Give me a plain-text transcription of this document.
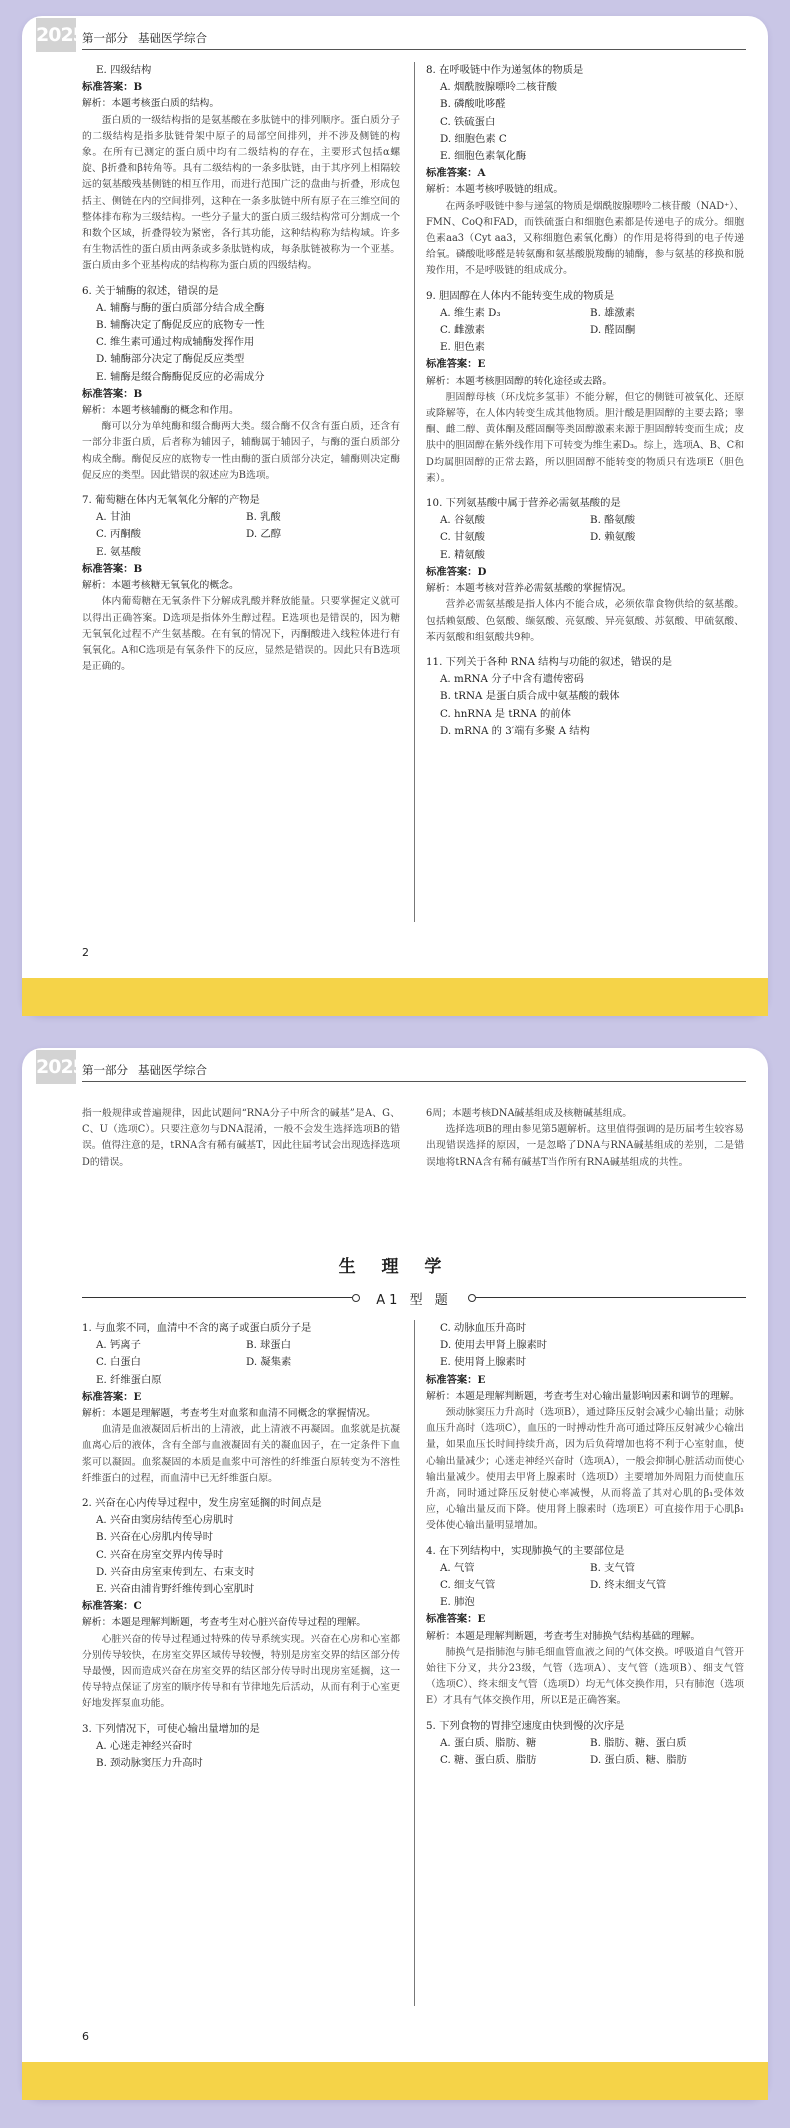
2025
第一部分 基础医学综合
E. 四级结构
标准答案：B
解析：本题考核蛋白质的结构。
蛋白质的一级结构指的是氨基酸在多肽链中的排列顺序。蛋白质分子的二级结构是指多肽链骨架中原子的局部空间排列，并不涉及侧链的构象。在所有已测定的蛋白质中均有二级结构的存在，主要形式包括α螺旋、β折叠和β转角等。具有二级结构的一条多肽链，由于其序列上相隔较远的氨基酸残基侧链的相互作用，而进行范围广泛的盘曲与折叠，形成包括主、侧链在内的空间排列，这种在一条多肽链中所有原子在三维空间的整体排布称为三级结构。一些分子量大的蛋白质三级结构常可分割成一个和数个区域，折叠得较为紧密，各行其功能，这种结构称为结构域。许多有生物活性的蛋白质由两条或多条肽链构成，每条肽链被称为一个亚基。蛋白质由多个亚基构成的结构称为蛋白质的四级结构。
6. 关于辅酶的叙述，错误的是
A. 辅酶与酶的蛋白质部分结合成全酶
B. 辅酶决定了酶促反应的底物专一性
C. 维生素可通过构成辅酶发挥作用
D. 辅酶部分决定了酶促反应类型
E. 辅酶是缀合酶酶促反应的必需成分
标准答案：B
解析：本题考核辅酶的概念和作用。
酶可以分为单纯酶和缀合酶两大类。缀合酶不仅含有蛋白质，还含有一部分非蛋白质，后者称为辅因子，辅酶属于辅因子，与酶的蛋白质部分构成全酶。酶促反应的底物专一性由酶的蛋白质部分决定，辅酶则决定酶促反应的类型。因此错误的叙述应为B选项。
7. 葡萄糖在体内无氧氧化分解的产物是
A. 甘油	B. 乳酸
C. 丙酮酸	D. 乙醇
E. 氨基酸
标准答案：B
解析：本题考核糖无氧氧化的概念。
体内葡萄糖在无氧条件下分解成乳酸并释放能量。只要掌握定义就可以得出正确答案。D选项是指体外生醇过程。E选项也是错误的，因为糖无氧氧化过程不产生氨基酸。在有氧的情况下，丙酮酸进入线粒体进行有氧氧化。A和C选项是有氧条件下的反应，显然是错误的。因此只有B选项是正确的。
8. 在呼吸链中作为递氢体的物质是
A. 烟酰胺腺嘌呤二核苷酸
B. 磷酸吡哆醛
C. 铁硫蛋白
D. 细胞色素 C
E. 细胞色素氧化酶
标准答案：A
解析：本题考核呼吸链的组成。
在两条呼吸链中参与递氢的物质是烟酰胺腺嘌呤二核苷酸（NAD⁺）、FMN、CoQ和FAD，而铁硫蛋白和细胞色素都是传递电子的成分。细胞色素aa3（Cyt aa3，又称细胞色素氧化酶）的作用是将得到的电子传递给氧。磷酸吡哆醛是转氨酶和氨基酸脱羧酶的辅酶，参与氨基的移换和脱羧作用，不是呼吸链的组成成分。
9. 胆固醇在人体内不能转变生成的物质是
A. 维生素 D₃	B. 雄激素
C. 雌激素	D. 醛固酮
E. 胆色素
标准答案：E
解析：本题考核胆固醇的转化途径或去路。
胆固醇母核（环戊烷多氢菲）不能分解，但它的侧链可被氧化、还原或降解等，在人体内转变生成其他物质。胆汁酸是胆固醇的主要去路；睾酮、雌二醇、黄体酮及醛固酮等类固醇激素来源于胆固醇转变而生成；皮肤中的胆固醇在紫外线作用下可转变为维生素D₃。综上，选项A、B、C和D均属胆固醇的正常去路，所以胆固醇不能转变的物质只有选项E（胆色素）。
10. 下列氨基酸中属于营养必需氨基酸的是
A. 谷氨酸	B. 酪氨酸
C. 甘氨酸	D. 赖氨酸
E. 精氨酸
标准答案：D
解析：本题考核对营养必需氨基酸的掌握情况。
营养必需氨基酸是指人体内不能合成，必须依靠食物供给的氨基酸。包括赖氨酸、色氨酸、缬氨酸、亮氨酸、异亮氨酸、苏氨酸、甲硫氨酸、苯丙氨酸和组氨酸共9种。
11. 下列关于各种 RNA 结构与功能的叙述，错误的是
A. mRNA 分子中含有遗传密码
B. tRNA 是蛋白质合成中氨基酸的载体
C. hnRNA 是 tRNA 的前体
D. mRNA 的 3′端有多聚 A 结构
2
2025
第一部分 基础医学综合
指一般规律或普遍规律，因此试题问“RNA分子中所含的碱基”是A、G、C、U（选项C）。只要注意勿与DNA混淆，一般不会发生选择选项B的错误。值得注意的是，tRNA含有稀有碱基T，因此往届考试会出现选择选项D的错误。
6周；本题考核DNA碱基组成及核糖碱基组成。
选择选项B的理由参见第5题解析。这里值得强调的是历届考生较容易出现错误选择的原因，一是忽略了DNA与RNA碱基组成的差别，二是错误地将tRNA含有稀有碱基T当作所有RNA碱基组成的共性。
生 理 学
A1 型 题
1. 与血浆不同，血清中不含的离子或蛋白质分子是
A. 钙离子	B. 球蛋白
C. 白蛋白	D. 凝集素
E. 纤维蛋白原
标准答案：E
解析：本题是理解题，考查考生对血浆和血清不同概念的掌握情况。
血清是血液凝固后析出的上清液，此上清液不再凝固。血浆就是抗凝血离心后的液体，含有全部与血液凝固有关的凝血因子，在一定条件下血浆可以凝固。血浆凝固的本质是血浆中可溶性的纤维蛋白原转变为不溶性纤维蛋白的过程，而血清中已无纤维蛋白原。
2. 兴奋在心内传导过程中，发生房室延搁的时间点是
A. 兴奋由窦房结传至心房肌时
B. 兴奋在心房肌内传导时
C. 兴奋在房室交界内传导时
D. 兴奋由房室束传到左、右束支时
E. 兴奋由浦肯野纤维传到心室肌时
标准答案：C
解析：本题是理解判断题，考查考生对心脏兴奋传导过程的理解。
心脏兴奋的传导过程通过特殊的传导系统实现。兴奋在心房和心室都分别传导较快，在房室交界区域传导较慢，特别是房室交界的结区部分传导最慢，因而造成兴奋在房室交界的结区部分传导时出现房室延搁，这一传导特点保证了房室的顺序传导和有节律地先后活动，从而有利于心室更好地发挥泵血功能。
3. 下列情况下，可使心输出量增加的是
A. 心迷走神经兴奋时
B. 颈动脉窦压力升高时
C. 动脉血压升高时
D. 使用去甲肾上腺素时
E. 使用肾上腺素时
标准答案：E
解析：本题是理解判断题，考查考生对心输出量影响因素和调节的理解。
颈动脉窦压力升高时（选项B），通过降压反射会减少心输出量；动脉血压升高时（选项C），血压的一时搏动性升高可通过降压反射减少心输出量，如果血压长时间持续升高，因为后负荷增加也将不利于心室射血，使心输出量减少；心迷走神经兴奋时（选项A），一般会抑制心脏活动而使心输出量减少。使用去甲肾上腺素时（选项D）主要增加外周阻力而使血压升高，同时通过降压反射使心率减慢，从而将盖了其对心肌的β₁受体效应，心输出量反而下降。使用肾上腺素时（选项E）可直接作用于心肌β₁受体使心输出量明显增加。
4. 在下列结构中，实现肺换气的主要部位是
A. 气管	B. 支气管
C. 细支气管	D. 终末细支气管
E. 肺泡
标准答案：E
解析：本题是理解判断题，考查考生对肺换气结构基础的理解。
肺换气是指肺泡与肺毛细血管血液之间的气体交换。呼吸道自气管开始往下分叉，共分23级，气管（选项A）、支气管（选项B）、细支气管（选项C）、终末细支气管（选项D）均无气体交换作用，只有肺泡（选项E）才具有气体交换作用，所以E是正确答案。
5. 下列食物的胃排空速度由快到慢的次序是
A. 蛋白质、脂肪、糖	B. 脂肪、糖、蛋白质
C. 糖、蛋白质、脂肪	D. 蛋白质、糖、脂肪
6
